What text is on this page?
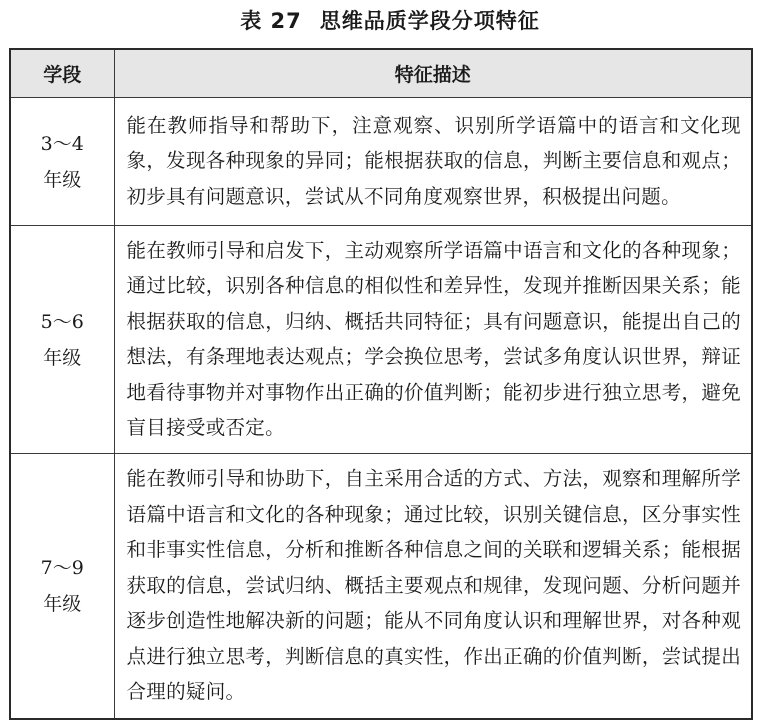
表 27 思维品质学段分项特征
学段	特征描述

3～4
年级	能在教师指导和帮助下，注意观察、识别所学语篇中的语言和文化现象，发现各种现象的异同；能根据获取的信息，判断主要信息和观点；初步具有问题意识，尝试从不同角度观察世界，积极提出问题。

5～6
年级	能在教师引导和启发下，主动观察所学语篇中语言和文化的各种现象；通过比较，识别各种信息的相似性和差异性，发现并推断因果关系；能根据获取的信息，归纳、概括共同特征；具有问题意识，能提出自己的想法，有条理地表达观点；学会换位思考，尝试多角度认识世界，辩证地看待事物并对事物作出正确的价值判断；能初步进行独立思考，避免盲目接受或否定。

7～9
年级	能在教师引导和协助下，自主采用合适的方式、方法，观察和理解所学语篇中语言和文化的各种现象；通过比较，识别关键信息，区分事实性和非事实性信息，分析和推断各种信息之间的关联和逻辑关系；能根据获取的信息，尝试归纳、概括主要观点和规律，发现问题、分析问题并逐步创造性地解决新的问题；能从不同角度认识和理解世界，对各种观点进行独立思考，判断信息的真实性，作出正确的价值判断，尝试提出合理的疑问。
